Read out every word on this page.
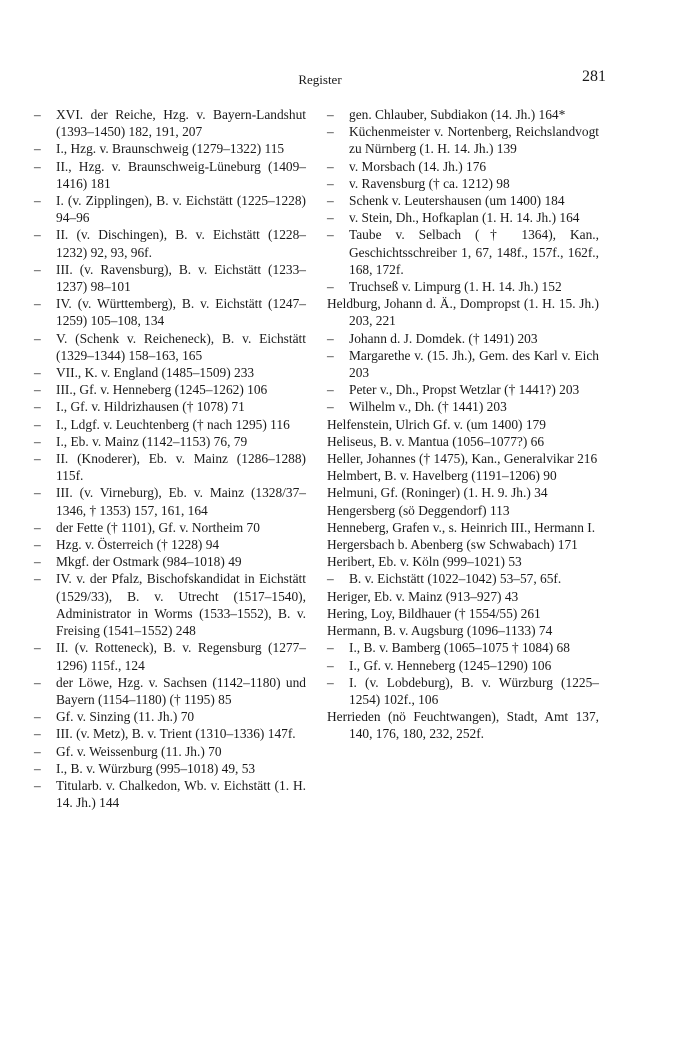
Register	281

– XVI. der Reiche, Hzg. v. Bayern-Landshut (1393–1450) 182, 191, 207

– I., Hzg. v. Braunschweig (1279–1322) 115

– II., Hzg. v. Braunschweig-Lüneburg (1409–1416) 181

– I. (v. Zipplingen), B. v. Eichstätt (1225–1228) 94–96

– II. (v. Dischingen), B. v. Eichstätt (1228–1232) 92, 93, 96f.

– III. (v. Ravensburg), B. v. Eichstätt (1233–1237) 98–101

– IV. (v. Württemberg), B. v. Eichstätt (1247–1259) 105–108, 134

– V. (Schenk v. Reicheneck), B. v. Eichstätt (1329–1344) 158–163, 165

– VII., K. v. England (1485–1509) 233

– III., Gf. v. Henneberg (1245–1262) 106

– I., Gf. v. Hildrizhausen († 1078) 71

– I., Ldgf. v. Leuchtenberg († nach 1295) 116

– I., Eb. v. Mainz (1142–1153) 76, 79

– II. (Knoderer), Eb. v. Mainz (1286–1288) 115f.

– III. (v. Virneburg), Eb. v. Mainz (1328/37–1346, † 1353) 157, 161, 164

– der Fette († 1101), Gf. v. Northeim 70

– Hzg. v. Österreich († 1228) 94

– Mkgf. der Ostmark (984–1018) 49

– IV. v. der Pfalz, Bischofskandidat in Eichstätt (1529/33), B. v. Utrecht (1517–1540), Administrator in Worms (1533–1552), B. v. Freising (1541–1552) 248

– II. (v. Rotteneck), B. v. Regensburg (1277–1296) 115f., 124

– der Löwe, Hzg. v. Sachsen (1142–1180) und Bayern (1154–1180) († 1195) 85

– Gf. v. Sinzing (11. Jh.) 70

– III. (v. Metz), B. v. Trient (1310–1336) 147f.

– Gf. v. Weissenburg (11. Jh.) 70

– I., B. v. Würzburg (995–1018) 49, 53

– Titularb. v. Chalkedon, Wb. v. Eichstätt (1. H. 14. Jh.) 144

– gen. Chlauber, Subdiakon (14. Jh.) 164*

– Küchenmeister v. Nortenberg, Reichslandvogt zu Nürnberg (1. H. 14. Jh.) 139

– v. Morsbach (14. Jh.) 176

– v. Ravensburg († ca. 1212) 98

– Schenk v. Leutershausen (um 1400) 184

– v. Stein, Dh., Hofkaplan (1. H. 14. Jh.) 164

– Taube v. Selbach († 1364), Kan., Geschichtsschreiber 1, 67, 148f., 157f., 162f., 168, 172f.

– Truchseß v. Limpurg (1. H. 14. Jh.) 152

Heldburg, Johann d. Ä., Dompropst (1. H. 15. Jh.) 203, 221

– Johann d. J. Domdek. († 1491) 203

– Margarethe v. (15. Jh.), Gem. des Karl v. Eich 203

– Peter v., Dh., Propst Wetzlar († 1441?) 203

– Wilhelm v., Dh. († 1441) 203

Helfenstein, Ulrich Gf. v. (um 1400) 179

Heliseus, B. v. Mantua (1056–1077?) 66

Heller, Johannes († 1475), Kan., Generalvikar 216

Helmbert, B. v. Havelberg (1191–1206) 90

Helmuni, Gf. (Roninger) (1. H. 9. Jh.) 34

Hengersberg (sö Deggendorf) 113

Henneberg, Grafen v., s. Heinrich III., Hermann I.

Hergersbach b. Abenberg (sw Schwabach) 171

Heribert, Eb. v. Köln (999–1021) 53

– B. v. Eichstätt (1022–1042) 53–57, 65f.

Heriger, Eb. v. Mainz (913–927) 43

Hering, Loy, Bildhauer († 1554/55) 261

Hermann, B. v. Augsburg (1096–1133) 74

– I., B. v. Bamberg (1065–1075 † 1084) 68

– I., Gf. v. Henneberg (1245–1290) 106

– I. (v. Lobdeburg), B. v. Würzburg (1225–1254) 102f., 106

Herrieden (nö Feuchtwangen), Stadt, Amt 137, 140, 176, 180, 232, 252f.
